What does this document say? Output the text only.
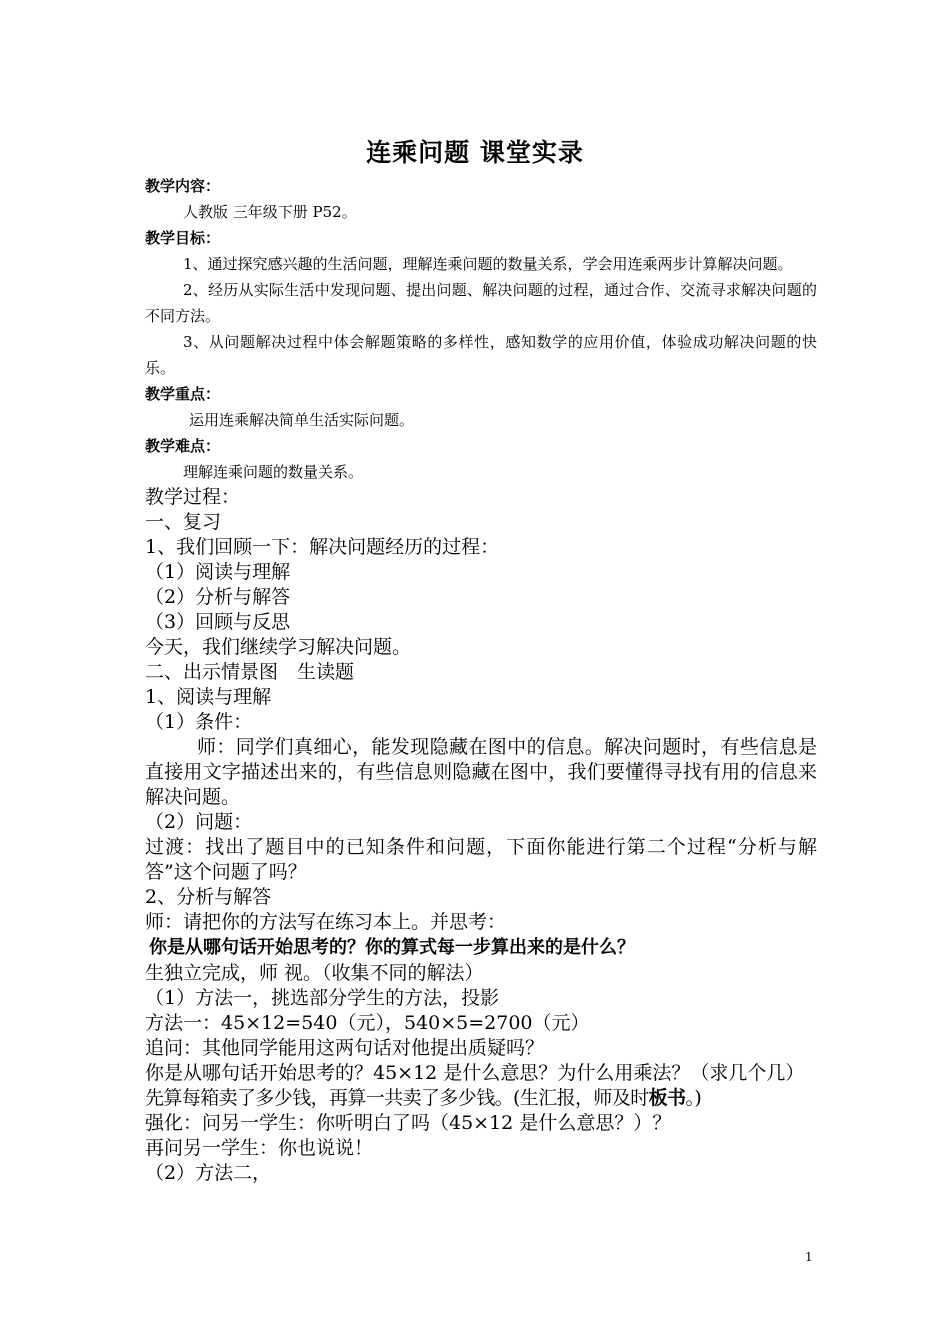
连乘问题 课堂实录
教学内容：
人教版 三年级下册 P52。
教学目标：
1、通过探究感兴趣的生活问题，理解连乘问题的数量关系，学会用连乘两步计算解决问题。
2、经历从实际生活中发现问题、提出问题、解决问题的过程，通过合作、交流寻求解决问题的不同方法。
3、从问题解决过程中体会解题策略的多样性，感知数学的应用价值，体验成功解决问题的快乐。
教学重点：
运用连乘解决简单生活实际问题。
教学难点：
理解连乘问题的数量关系。
教学过程：
一、复习
1、我们回顾一下：解决问题经历的过程：
（1）阅读与理解
（2）分析与解答
（3）回顾与反思
今天，我们继续学习解决问题。
二、出示情景图　生读题
1、阅读与理解
（1）条件：
师：同学们真细心，能发现隐藏在图中的信息。解决问题时，有些信息是直接用文字描述出来的，有些信息则隐藏在图中，我们要懂得寻找有用的信息来解决问题。
（2）问题：
过渡：找出了题目中的已知条件和问题，下面你能进行第二个过程“分析与解答”这个问题了吗？
2、分析与解答
师：请把你的方法写在练习本上。并思考：
你是从哪句话开始思考的？你的算式每一步算出来的是什么？
生独立完成，师 视。（收集不同的解法）
（1）方法一，挑选部分学生的方法，投影
方法一：45×12=540（元），540×5=2700（元）
追问：其他同学能用这两句话对他提出质疑吗？
你是从哪句话开始思考的？45×12 是什么意思？为什么用乘法？（求几个几）
先算每箱卖了多少钱，再算一共卖了多少钱。(生汇报，师及时板书。)
强化：问另一学生：你听明白了吗（45×12 是什么意思？）？
再问另一学生：你也说说！
（2）方法二，
1
